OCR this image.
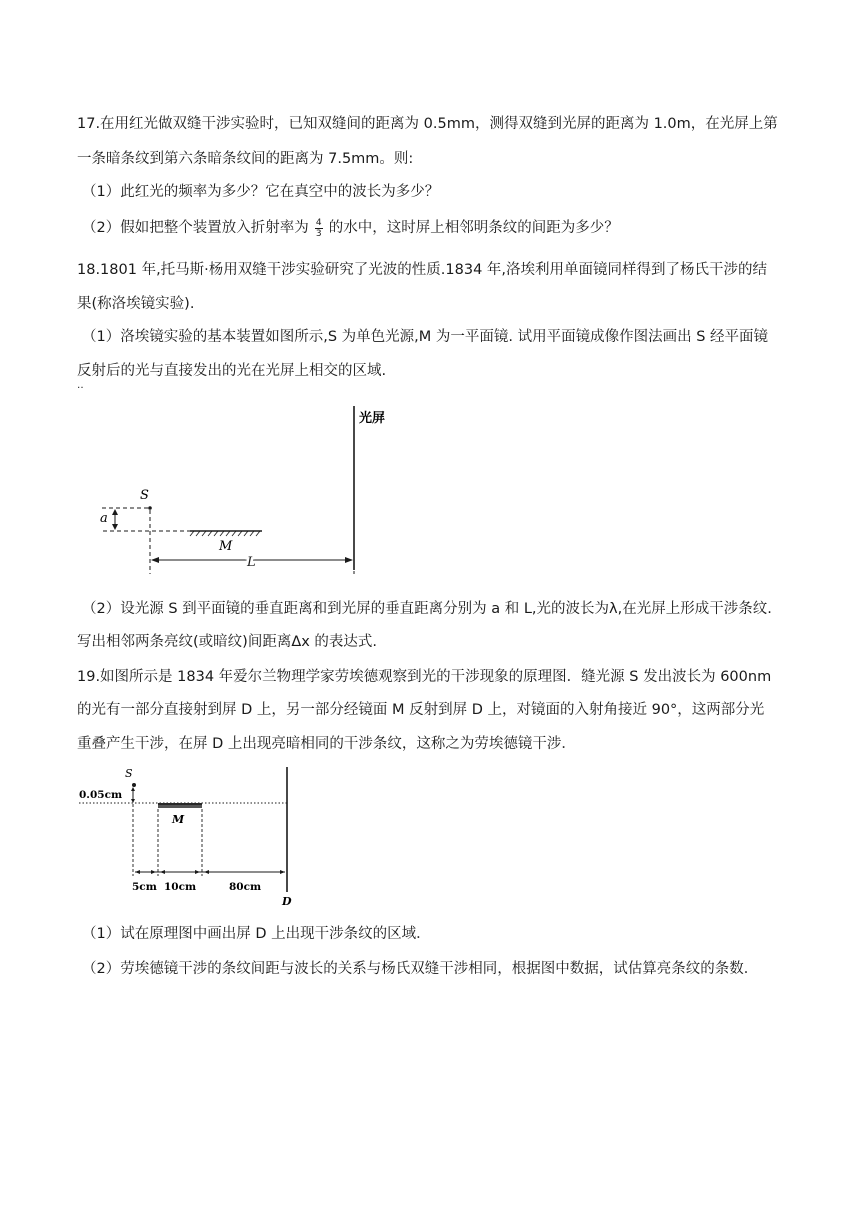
17.在用红光做双缝干涉实验时，已知双缝间的距离为 0.5mm，测得双缝到光屏的距离为 1.0m，在光屏上第
一条暗条纹到第六条暗条纹间的距离为 7.5mm。则:
（1）此红光的频率为多少？它在真空中的波长为多少？
（2）假如把整个装置放入折射率为 $\frac{4}{3}$ 的水中，这时屏上相邻明条纹的间距为多少？
18.1801 年,托马斯·杨用双缝干涉实验研究了光波的性质.1834 年,洛埃利用单面镜同样得到了杨氏干涉的结
果(称洛埃镜实验).
（1）洛埃镜实验的基本装置如图所示,S 为单色光源,M 为一平面镜. 试用平面镜成像作图法画出 S 经平面镜
反射后的光与直接发出的光在光屏上相交的区域.
‥
光屏
S
a
M
L
（2）设光源 S 到平面镜的垂直距离和到光屏的垂直距离分别为 a 和 L,光的波长为λ,在光屏上形成干涉条纹.
写出相邻两条亮纹(或暗纹)间距离Δx 的表达式.
19.如图所示是 1834 年爱尔兰物理学家劳埃德观察到光的干涉现象的原理图．缝光源 S 发出波长为 600nm
的光有一部分直接射到屏 D 上，另一部分经镜面 M 反射到屏 D 上，对镜面的入射角接近 90°，这两部分光
重叠产生干涉，在屏 D 上出现亮暗相同的干涉条纹，这称之为劳埃德镜干涉．
S
0.05cm
M
5cm 10cm	80cm
D
（1）试在原理图中画出屏 D 上出现干涉条纹的区域．
（2）劳埃德镜干涉的条纹间距与波长的关系与杨氏双缝干涉相同，根据图中数据，试估算亮条纹的条数．
